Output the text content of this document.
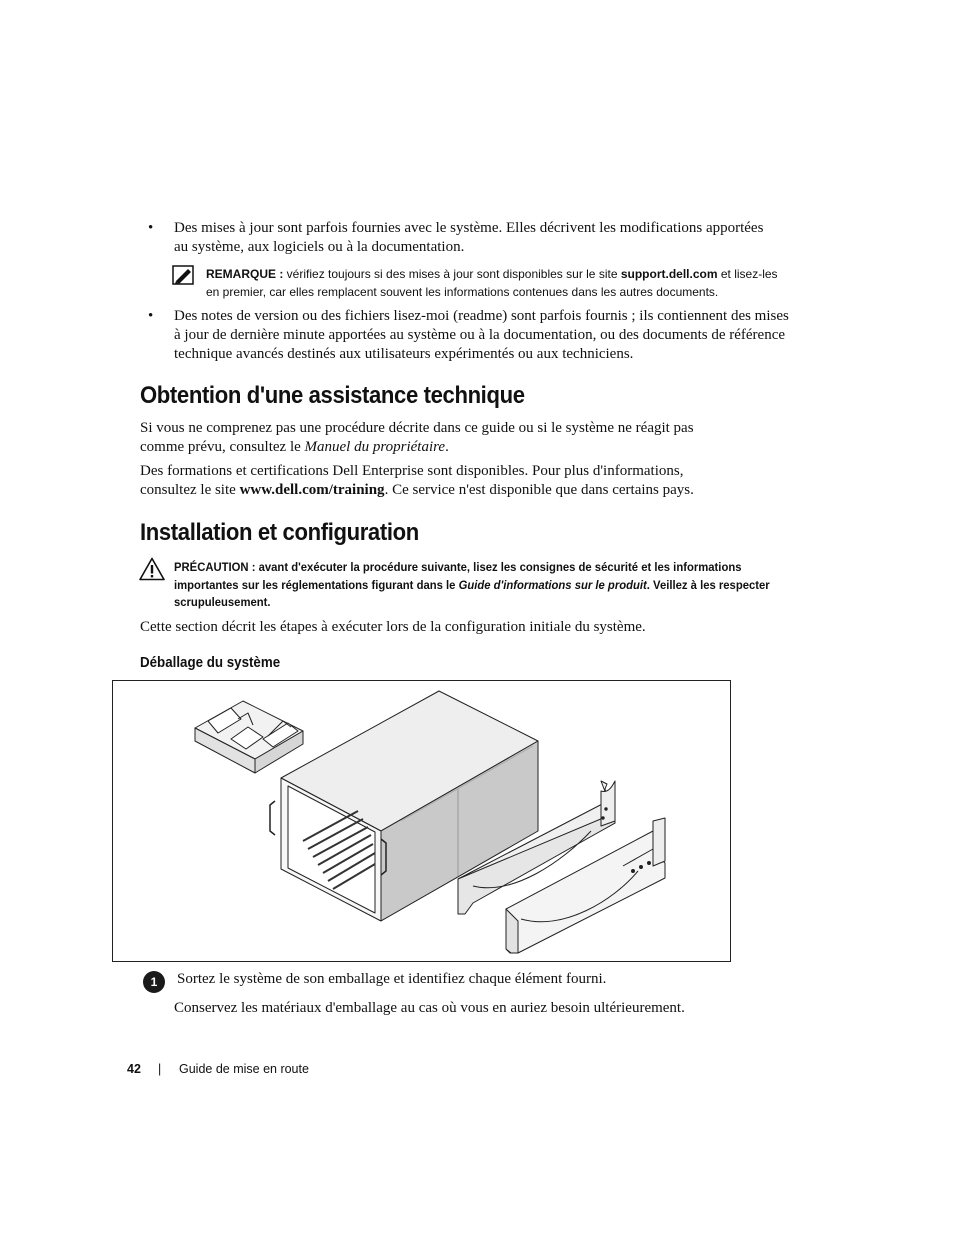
• Des mises à jour sont parfois fournies avec le système. Elles décrivent les modifications apportées
au système, aux logiciels ou à la documentation.
REMARQUE : vérifiez toujours si des mises à jour sont disponibles sur le site support.dell.com et lisez-les
en premier, car elles remplacent souvent les informations contenues dans les autres documents.
• Des notes de version ou des fichiers lisez-moi (readme) sont parfois fournis ; ils contiennent des mises
à jour de dernière minute apportées au système ou à la documentation, ou des documents de référence
technique avancés destinés aux utilisateurs expérimentés ou aux techniciens.
Obtention d'une assistance technique
Si vous ne comprenez pas une procédure décrite dans ce guide ou si le système ne réagit pas
comme prévu, consultez le Manuel du propriétaire.
Des formations et certifications Dell Enterprise sont disponibles. Pour plus d'informations,
consultez le site www.dell.com/training. Ce service n'est disponible que dans certains pays.
Installation et configuration
PRÉCAUTION : avant d'exécuter la procédure suivante, lisez les consignes de sécurité et les informations
importantes sur les réglementations figurant dans le Guide d'informations sur le produit. Veillez à les respecter
scrupuleusement.
Cette section décrit les étapes à exécuter lors de la configuration initiale du système.
Déballage du système
1	Sortez le système de son emballage et identifiez chaque élément fourni.
Conservez les matériaux d'emballage au cas où vous en auriez besoin ultérieurement.
42 | Guide de mise en route
